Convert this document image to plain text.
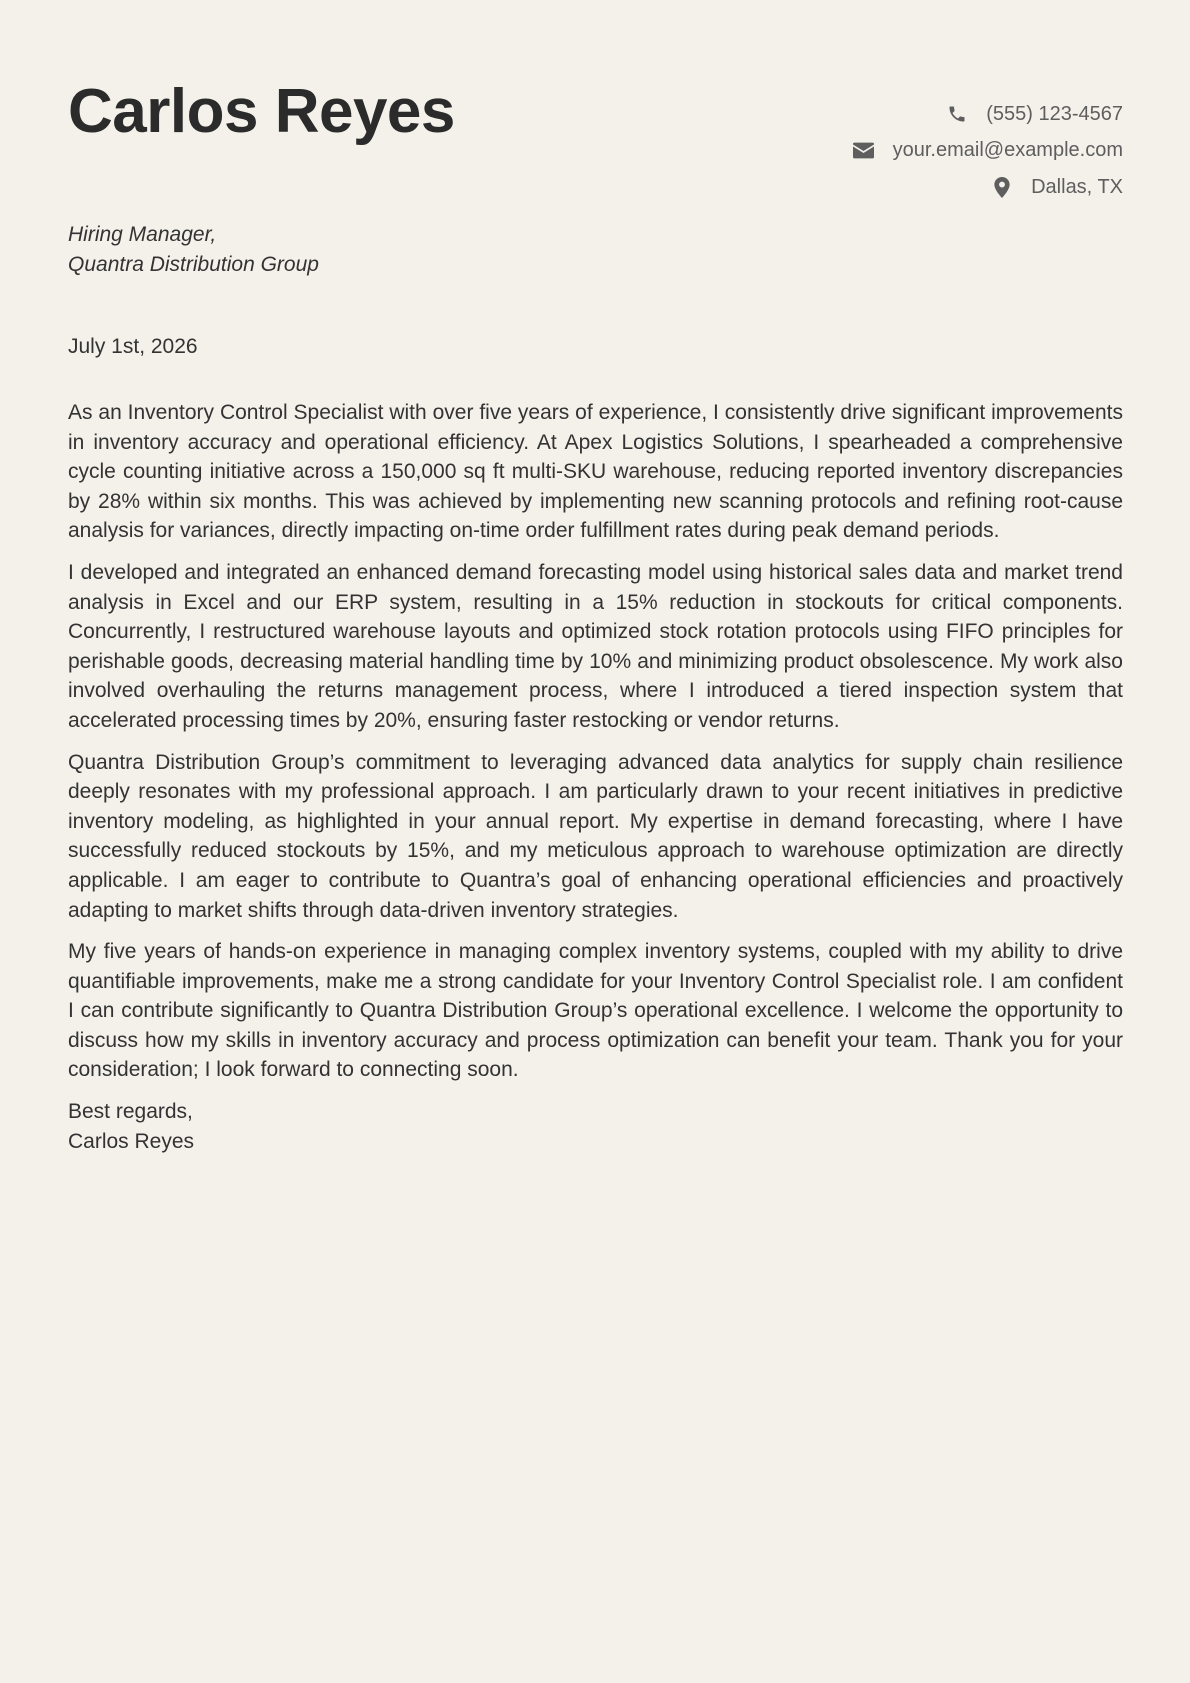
Carlos Reyes	(555) 123-4567
your.email@example.com
Dallas, TX
Hiring Manager,
Quantra Distribution Group
July 1st, 2026

As an Inventory Control Specialist with over five years of experience, I consistently drive significant improvements in inventory accuracy and operational efficiency. At Apex Logistics Solutions, I spearheaded a comprehensive cycle counting initiative across a 150,000 sq ft multi-SKU warehouse, reducing reported inventory discrepancies by 28% within six months. This was achieved by implementing new scanning protocols and refining root-cause analysis for variances, directly impacting on-time order fulfillment rates during peak demand periods.

I developed and integrated an enhanced demand forecasting model using historical sales data and market trend analysis in Excel and our ERP system, resulting in a 15% reduction in stockouts for critical components. Concurrently, I restructured warehouse layouts and optimized stock rotation protocols using FIFO principles for perishable goods, decreasing material handling time by 10% and minimizing product obsolescence. My work also involved overhauling the returns management process, where I introduced a tiered inspection system that accelerated processing times by 20%, ensuring faster restocking or vendor returns.

Quantra Distribution Group’s commitment to leveraging advanced data analytics for supply chain resilience deeply resonates with my professional approach. I am particularly drawn to your recent initiatives in predictive inventory modeling, as highlighted in your annual report. My expertise in demand forecasting, where I have successfully reduced stockouts by 15%, and my meticulous approach to warehouse optimization are directly applicable. I am eager to contribute to Quantra’s goal of enhancing operational efficiencies and proactively adapting to market shifts through data-driven inventory strategies.

My five years of hands-on experience in managing complex inventory systems, coupled with my ability to drive quantifiable improvements, make me a strong candidate for your Inventory Control Specialist role. I am confident I can contribute significantly to Quantra Distribution Group’s operational excellence. I welcome the opportunity to discuss how my skills in inventory accuracy and process optimization can benefit your team. Thank you for your consideration; I look forward to connecting soon.

Best regards,
Carlos Reyes
